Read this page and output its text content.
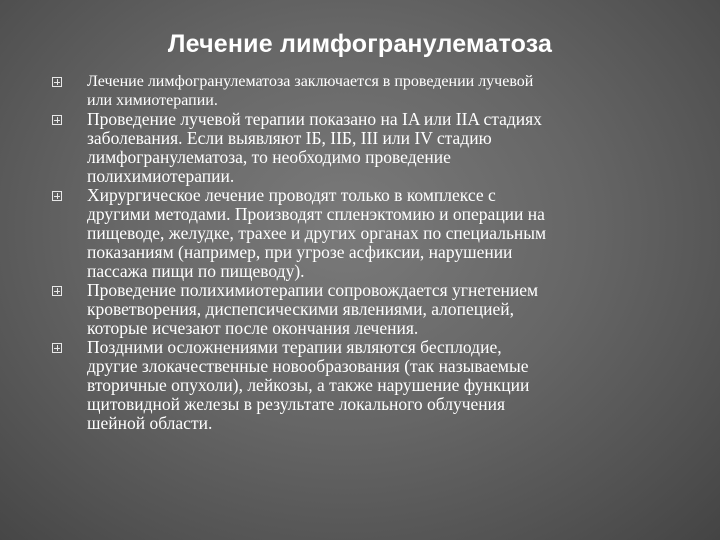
Лечение лимфогранулематоза
Лечение лимфогранулематоза заключается в проведении лучевой
или химиотерапии.
Проведение лучевой терапии показано на IA или IIA стадиях
заболевания. Если выявляют IБ, IIБ, III или IV стадию
лимфогранулематоза, то необходимо проведение
полихимиотерапии.
Хирургическое лечение проводят только в комплексе с
другими методами. Производят спленэктомию и операции на
пищеводе, желудке, трахее и других органах по специальным
показаниям (например, при угрозе асфиксии, нарушении
пассажа пищи по пищеводу).
Проведение полихимиотерапии сопровождается угнетением
кроветворения, диспепсическими явлениями, алопецией,
которые исчезают после окончания лечения.
Поздними осложнениями терапии являются бесплодие,
другие злокачественные новообразования (так называемые
вторичные опухоли), лейкозы, а также нарушение функции
щитовидной железы в результате локального облучения
шейной области.
